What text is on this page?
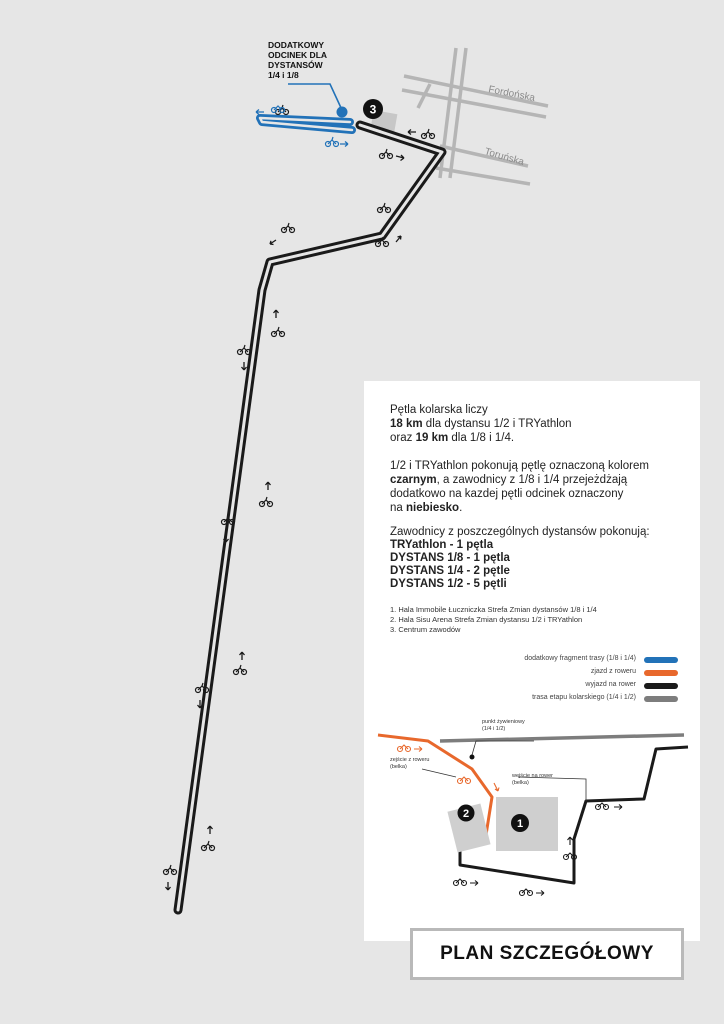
3
Fordońska
Toruńska
DODATKOWY
ODCINEK DLA
DYSTANSÓW
1/4 i 1/8
Pętla kolarska liczy
18 km dla dystansu 1/2 i TRYathlon
oraz 19 km dla 1/8 i 1/4.
1/2 i TRYathlon pokonują pętlę oznaczoną kolorem
czarnym, a zawodnicy z 1/8 i 1/4 przejeżdżają
dodatkowo na kazdej pętli odcinek oznaczony
na niebiesko.
Zawodnicy z poszczególnych dystansów pokonują:
TRYathlon - 1 pętla
DYSTANS 1/8 - 1 pętla
DYSTANS 1/4 - 2 pętle
DYSTANS 1/2 - 5 pętli
1. Hala Immobile Łuczniczka Strefa Zmian dystansów 1/8 i 1/4
2. Hala Sisu Arena Strefa Zmian dystansu 1/2 i TRYathlon
3. Centrum zawodów
dodatkowy fragment trasy (1/8 i 1/4)
zjazd z roweru
wyjazd na rower
trasa etapu kolarskiego (1/4 i 1/2)
1
2
punkt żywieniowy
(1/4 i 1/2)
zejście z roweru
(belka)
wejście na rower
(belka)
PLAN SZCZEGÓŁOWY
